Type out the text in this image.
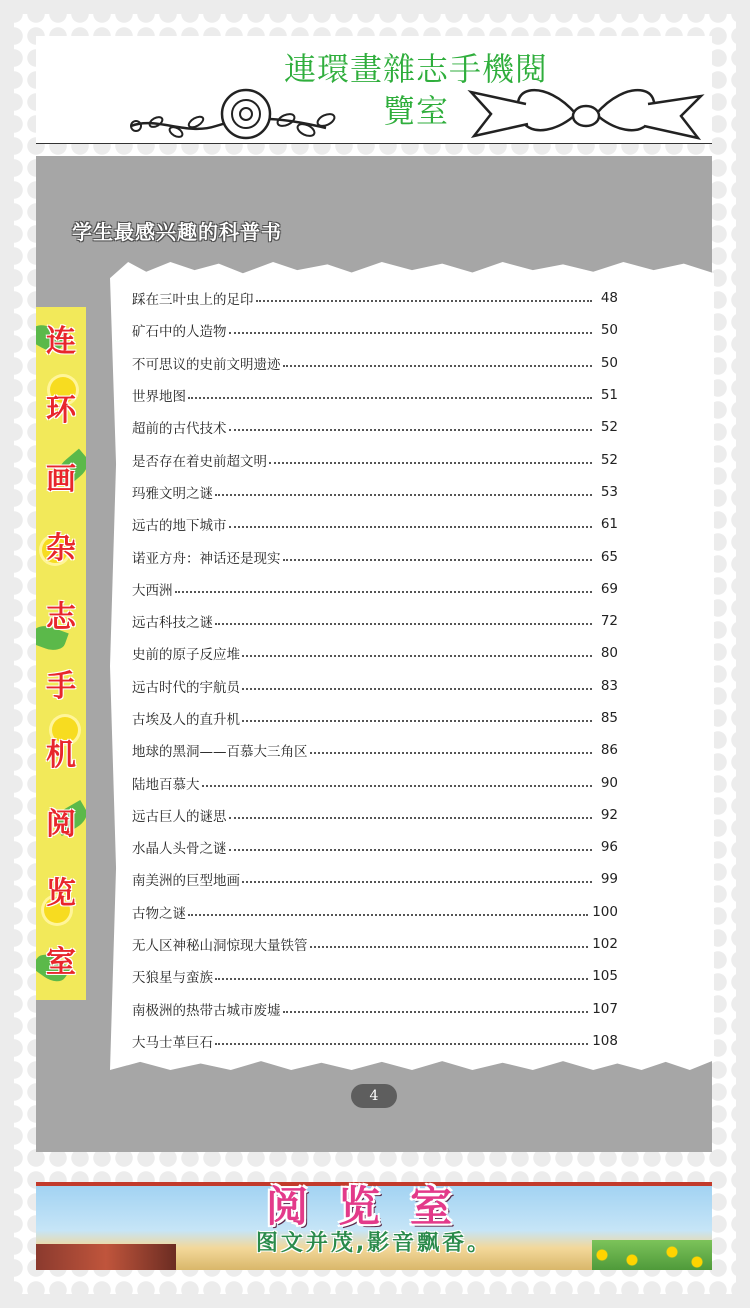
連環畫雜志手機閱
覽室
学生最感兴趣的科普书
连
环
画
杂
志
手
机
阅
览
室
踩在三叶虫上的足印	48
矿石中的人造物	50
不可思议的史前文明遗迹	50
世界地图	51
超前的古代技术	52
是否存在着史前超文明	52
玛雅文明之谜	53
远古的地下城市	61
诺亚方舟：神话还是现实	65
大西洲	69
远古科技之谜	72
史前的原子反应堆	80
远古时代的宇航员	83
古埃及人的直升机	85
地球的黑洞——百慕大三角区	86
陆地百慕大	90
远古巨人的谜思	92
水晶人头骨之谜	96
南美洲的巨型地画	99
古物之谜	100
无人区神秘山洞惊现大量铁管	102
天狼星与蛮族	105
南极洲的热带古城市废墟	107
大马士革巨石	108
4
阅览室
图文并茂,影音飘香。
